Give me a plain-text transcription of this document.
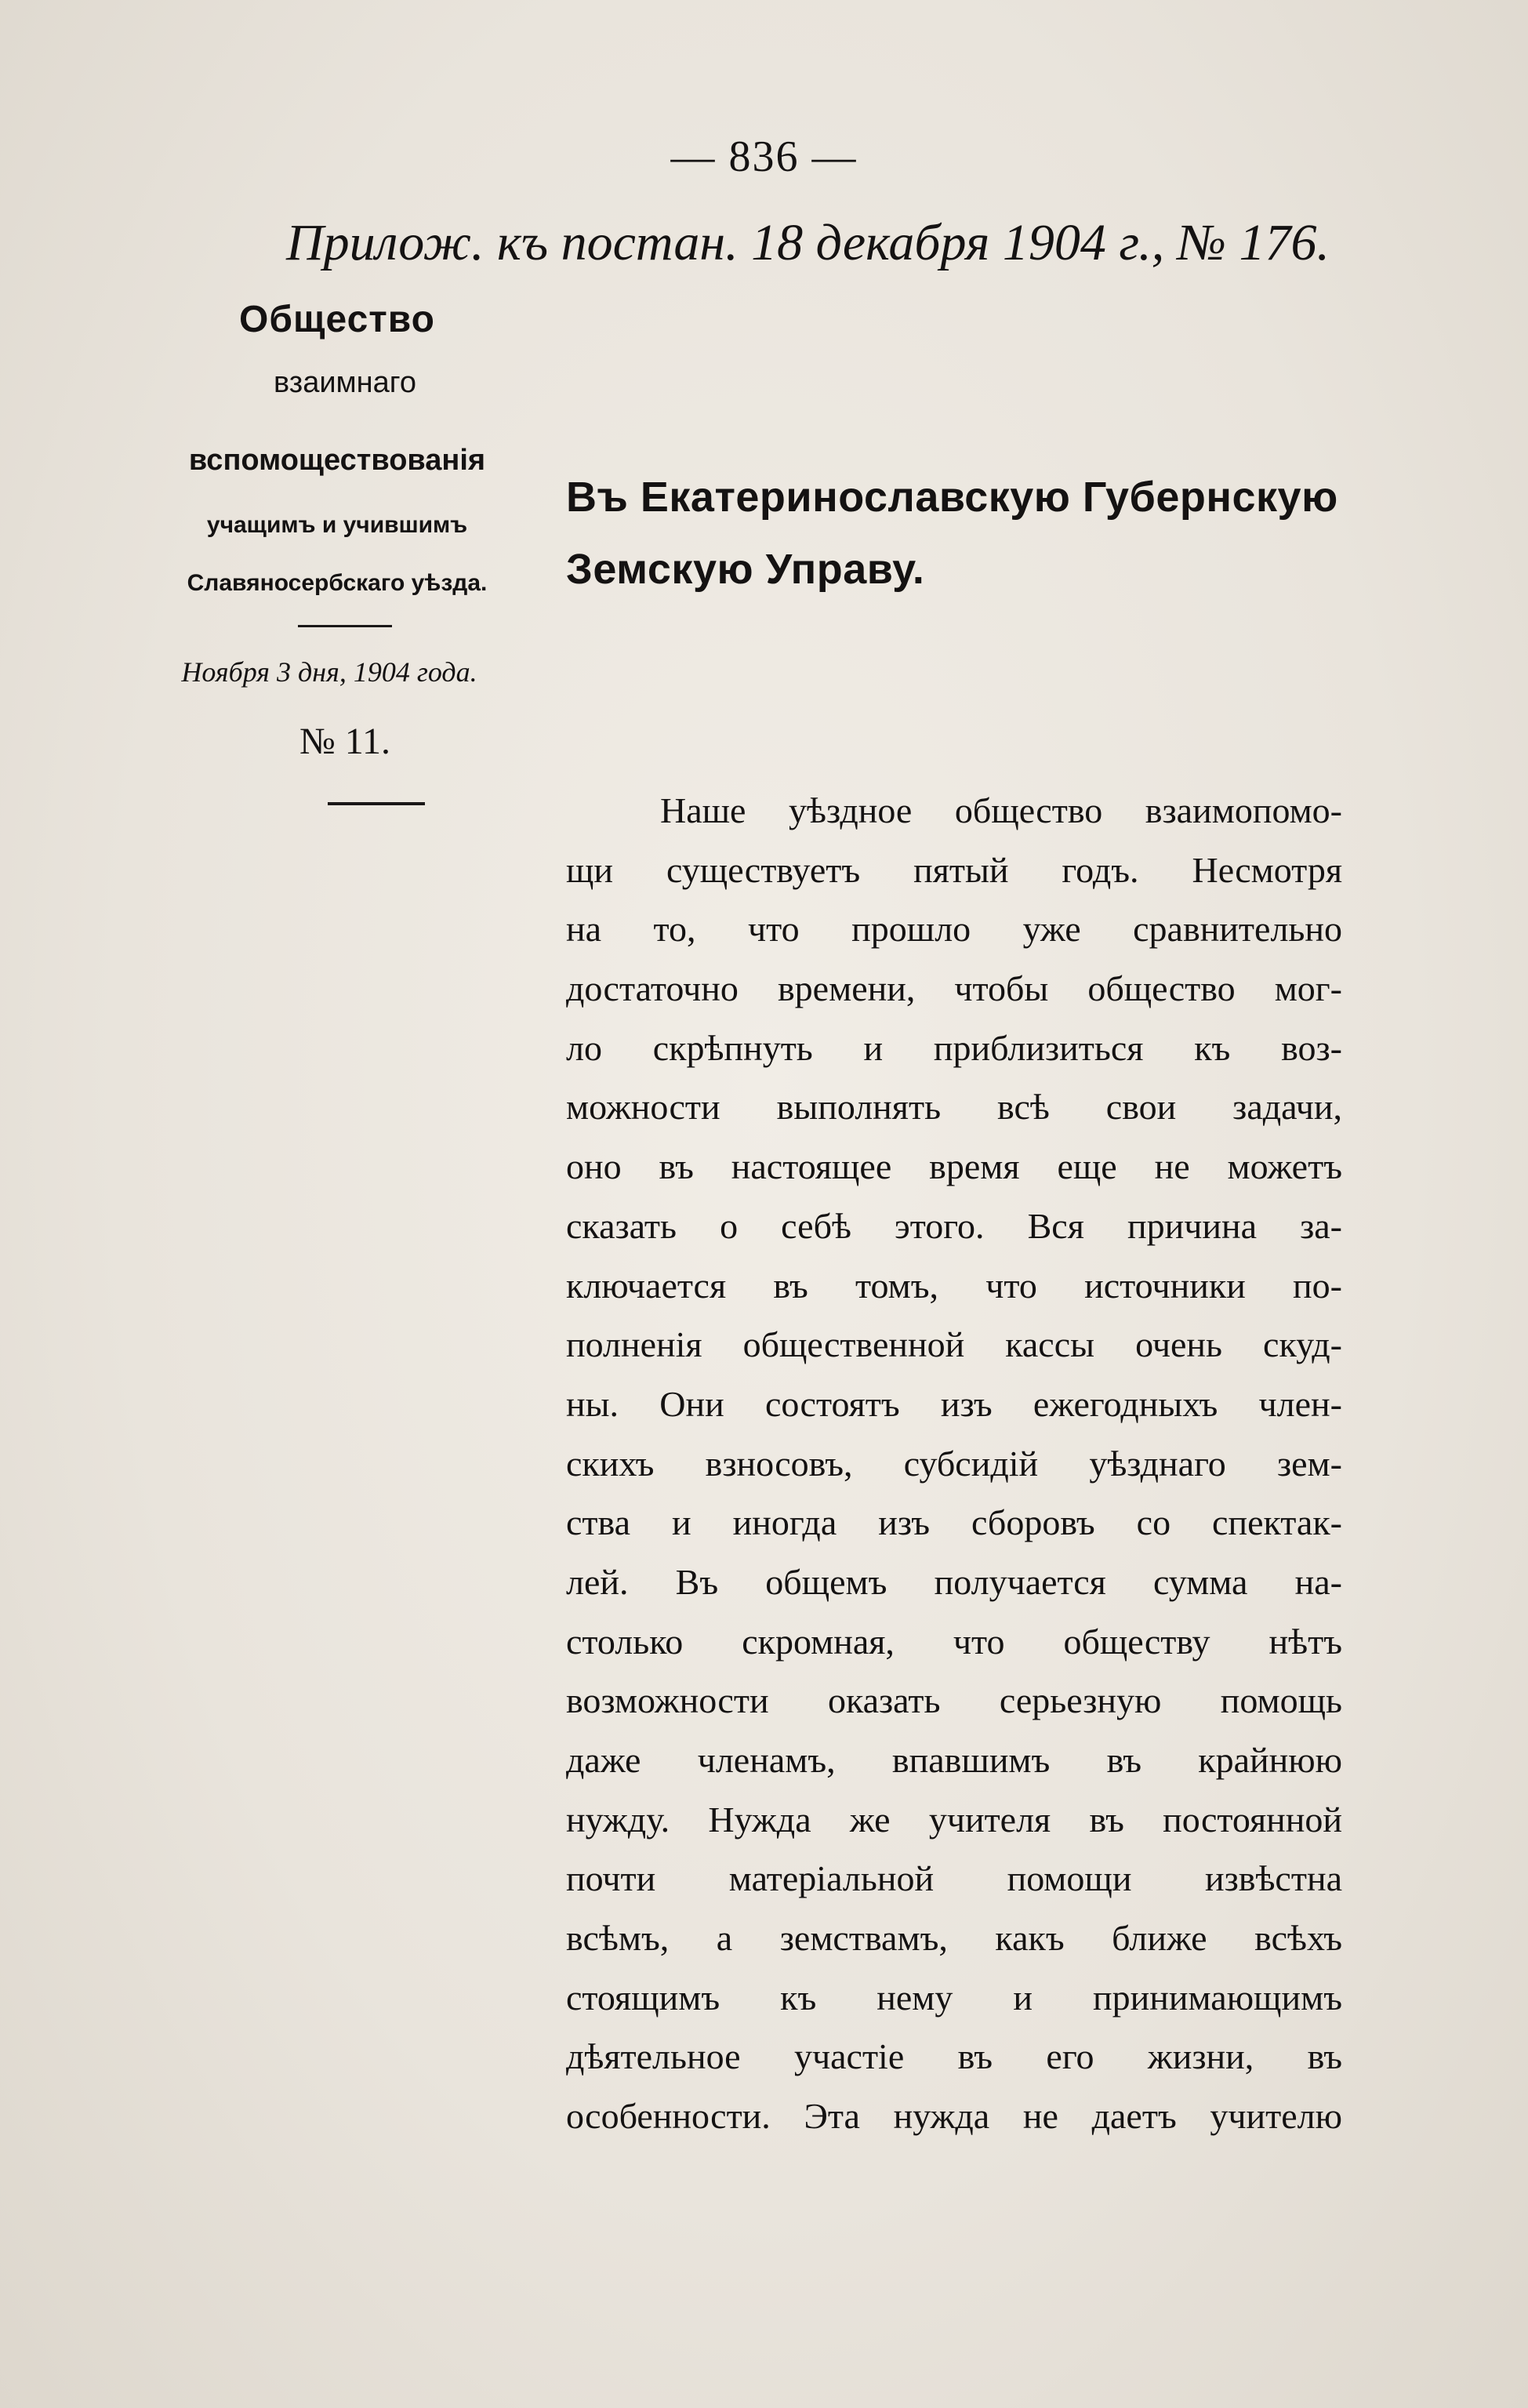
— 836 —
Прилож. къ постан. 18 декабря 1904 г., № 176.
Общество
взаимнаго
вспомоществованія
учащимъ и учившимъ
Славяносербскаго уѣзда.
Ноября 3 дня, 1904 года.
№ 11.
Въ Екатеринославскую Губернскую
Земскую Управу.
Наше уѣздное общество взаимопомо-
щи существуетъ пятый годъ. Несмотря
на то, что прошло уже сравнительно
достаточно времени, чтобы общество мог-
ло скрѣпнуть и приблизиться къ воз-
можности выполнять всѣ свои задачи,
оно въ настоящее время еще не можетъ
сказать о себѣ этого. Вся причина за-
ключается въ томъ, что источники по-
полненія общественной кассы очень скуд-
ны. Они состоятъ изъ ежегодныхъ член-
скихъ взносовъ, субсидій уѣзднаго зем-
ства и иногда изъ сборовъ со спектак-
лей. Въ общемъ получается сумма на-
столько скромная, что обществу нѣтъ
возможности оказать серьезную помощь
даже членамъ, впавшимъ въ крайнюю
нужду. Нужда же учителя въ постоянной
почти матеріальной помощи извѣстна
всѣмъ, а земствамъ, какъ ближе всѣхъ
стоящимъ къ нему и принимающимъ
дѣятельное участіе въ его жизни, въ
особенности. Эта нужда не даетъ учителю
